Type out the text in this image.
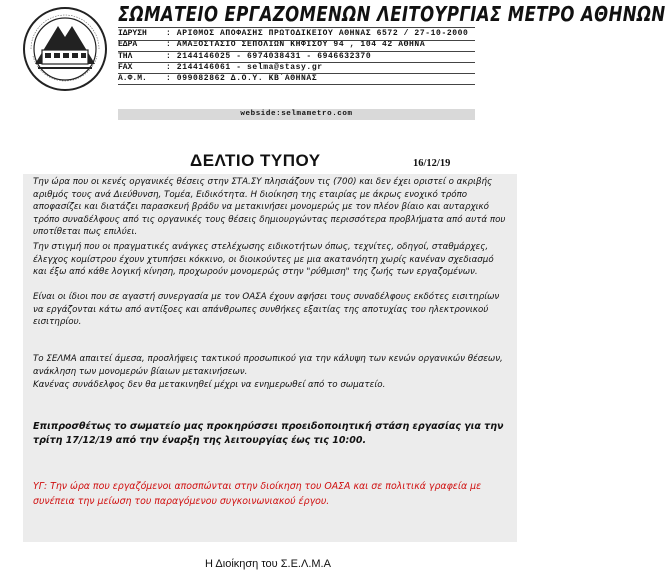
ΣΩΜΑΤΕΙΟ ΕΡΓΑΖΟΜΕΝΩΝ ΛΕΙΤΟΥΡΓΙΑΣ ΜΕΤΡΟ ΑΘΗΝΩΝ
ΙΔΡΥΣΗ	: ΑΡΙΘΜΟΣ ΑΠΟΦΑΣΗΣ ΠΡΩΤΟΔΙΚΕΙΟΥ ΑΘΗΝΑΣ 6572 / 27-10-2000
ΕΔΡΑ	: ΑΜΑΞΟΣΤΑΣΙΟ ΣΕΠΟΛΙΩΝ ΚΗΦΙΣΟΥ 94 , 104 42 ΑΘΗΝΑ
ΤΗΛ	: 2144146025 - 6974038431 - 6946632370
FAX	: 2144146061 - selma@stasy.gr
Α.Φ.Μ.	: 099082862 Δ.Ο.Υ. ΚΒ΄ΑΘΗΝΑΣ
webside:selmametro.com
ΔΕΛΤΙΟ ΤΥΠΟΥ	16/12/19

Την ώρα που οι κενές οργανικές θέσεις στην ΣΤΑ.ΣΥ πλησιάζουν τις (700) και δεν έχει οριστεί ο ακριβής αριθμός τους ανά Διεύθυνση, Τομέα, Ειδικότητα. Η διοίκηση της εταιρίας με άκρως ενοχικό τρόπο αποφασίζει και διατάζει παρασκευή βράδυ να μετακινήσει μονομερώς με τον πλέον βίαιο και αυταρχικό τρόπο συναδέλφους από τις οργανικές τους θέσεις δημιουργώντας περισσότερα προβλήματα από αυτά που υποτίθεται πως επιλύει.

Την στιγμή που οι πραγματικές ανάγκες στελέχωσης ειδικοτήτων όπως, τεχνίτες, οδηγοί, σταθμάρχες, έλεγχος κομίστρου έχουν χτυπήσει κόκκινο, οι διοικούντες με μια ακατανόητη χωρίς κανέναν σχεδιασμό και έξω από κάθε λογική κίνηση, προχωρούν μονομερώς στην "ρύθμιση" της ζωής των εργαζομένων.

Είναι οι ίδιοι που σε αγαστή συνεργασία με τον ΟΑΣΑ έχουν αφήσει τους συναδέλφους εκδότες εισιτηρίων να εργάζονται κάτω από αντίξοες και απάνθρωπες συνθήκες εξαιτίας της αποτυχίας του ηλεκτρονικού εισιτηρίου.

Το ΣΕΛΜΑ απαιτεί άμεσα, προσλήψεις τακτικού προσωπικού για την κάλυψη των κενών οργανικών θέσεων, ανάκληση των μονομερών βίαιων μετακινήσεων.

Κανένας συνάδελφος δεν θα μετακινηθεί μέχρι να ενημερωθεί από το σωματείο.

Επιπροσθέτως το σωματείο μας προκηρύσσει προειδοποιητική στάση εργασίας για την τρίτη 17/12/19 από την έναρξη της λειτουργίας έως τις 10:00.

ΥΓ: Την ώρα που εργαζόμενοι αποσπώνται στην διοίκηση του ΟΑΣΑ και σε πολιτικά γραφεία με συνέπεια την μείωση του παραγόμενου συγκοινωνιακού έργου.

Η Διοίκηση του Σ.Ε.Λ.Μ.Α
